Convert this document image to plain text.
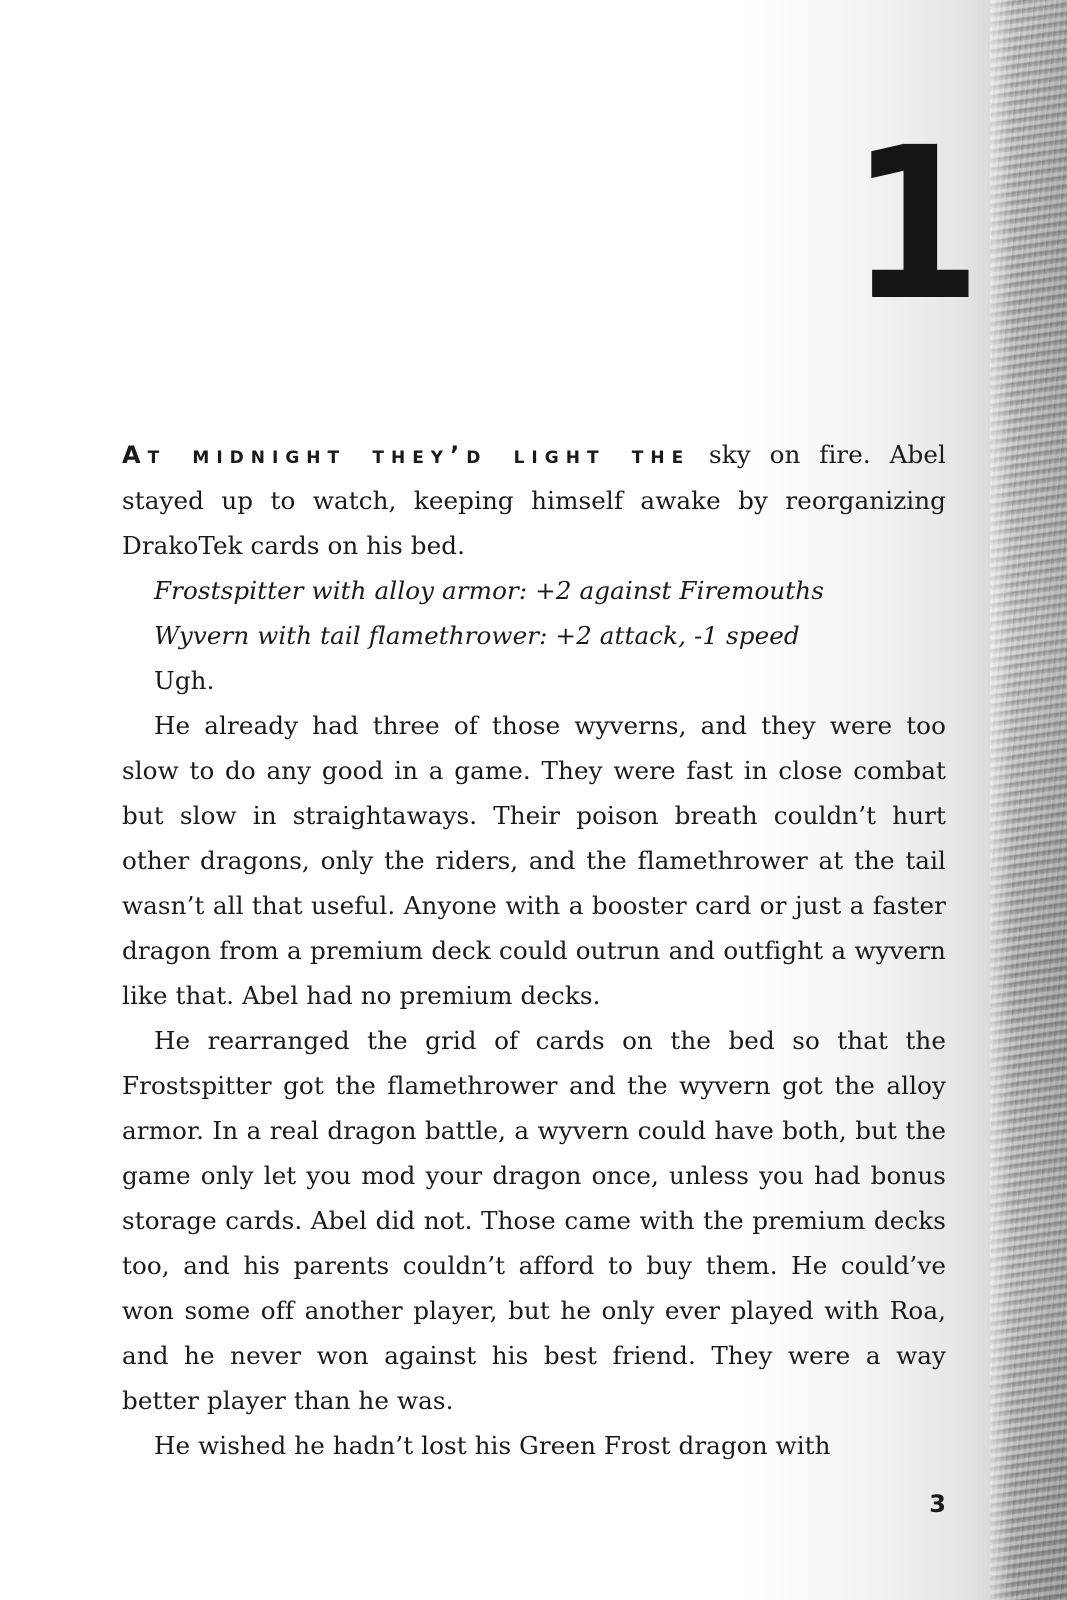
1

At midnight they’d light the sky on fire. Abel stayed up to watch, keeping himself awake by reorganizing DrakoTek cards on his bed.

Frostspitter with alloy armor: +2 against Firemouths

Wyvern with tail flamethrower: +2 attack, -1 speed

Ugh.

He already had three of those wyverns, and they were too slow to do any good in a game. They were fast in close combat but slow in straightaways. Their poison breath couldn’t hurt other dragons, only the riders, and the flamethrower at the tail wasn’t all that useful. Anyone with a booster card or just a faster dragon from a premium deck could outrun and outfight a wyvern like that. Abel had no premium decks.

He rearranged the grid of cards on the bed so that the Frostspitter got the flamethrower and the wyvern got the alloy armor. In a real dragon battle, a wyvern could have both, but the game only let you mod your dragon once, unless you had bonus storage cards. Abel did not. Those came with the premium decks too, and his parents couldn’t afford to buy them. He could’ve won some off another player, but he only ever played with Roa, and he never won against his best friend. They were a way better player than he was.

He wished he hadn’t lost his Green Frost dragon with

3
